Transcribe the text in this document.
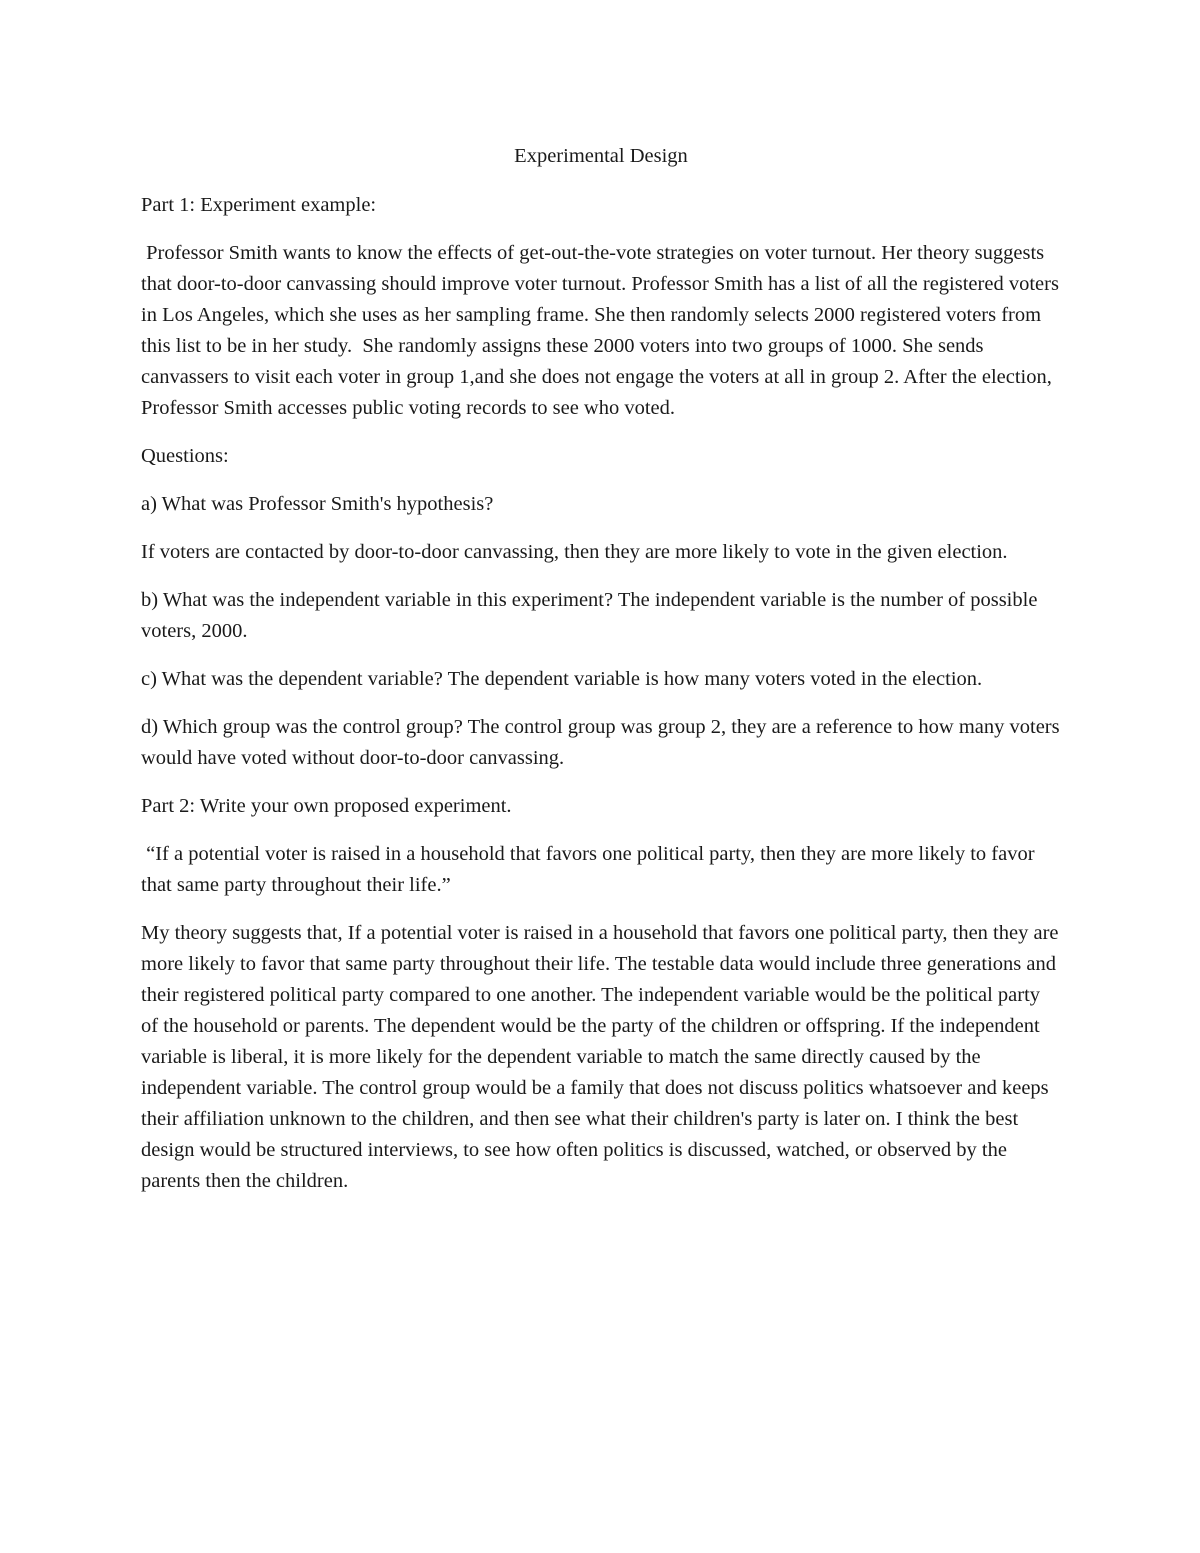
Experimental Design

Part 1: Experiment example:

Professor Smith wants to know the effects of get-out-the-vote strategies on voter turnout. Her theory suggests that door-to-door canvassing should improve voter turnout. Professor Smith has a list of all the registered voters in Los Angeles, which she uses as her sampling frame. She then randomly selects 2000 registered voters from this list to be in her study.  She randomly assigns these 2000 voters into two groups of 1000. She sends canvassers to visit each voter in group 1,and she does not engage the voters at all in group 2. After the election, Professor Smith accesses public voting records to see who voted.

Questions:

a) What was Professor Smith's hypothesis?

If voters are contacted by door-to-door canvassing, then they are more likely to vote in the given election.

b) What was the independent variable in this experiment? The independent variable is the number of possible voters, 2000.

c) What was the dependent variable? The dependent variable is how many voters voted in the election.

d) Which group was the control group? The control group was group 2, they are a reference to how many voters would have voted without door-to-door canvassing.

Part 2: Write your own proposed experiment.

“If a potential voter is raised in a household that favors one political party, then they are more likely to favor that same party throughout their life.”

My theory suggests that, If a potential voter is raised in a household that favors one political party, then they are more likely to favor that same party throughout their life. The testable data would include three generations and their registered political party compared to one another. The independent variable would be the political party of the household or parents. The dependent would be the party of the children or offspring. If the independent variable is liberal, it is more likely for the dependent variable to match the same directly caused by the independent variable. The control group would be a family that does not discuss politics whatsoever and keeps their affiliation unknown to the children, and then see what their children's party is later on. I think the best design would be structured interviews, to see how often politics is discussed, watched, or observed by the parents then the children.
